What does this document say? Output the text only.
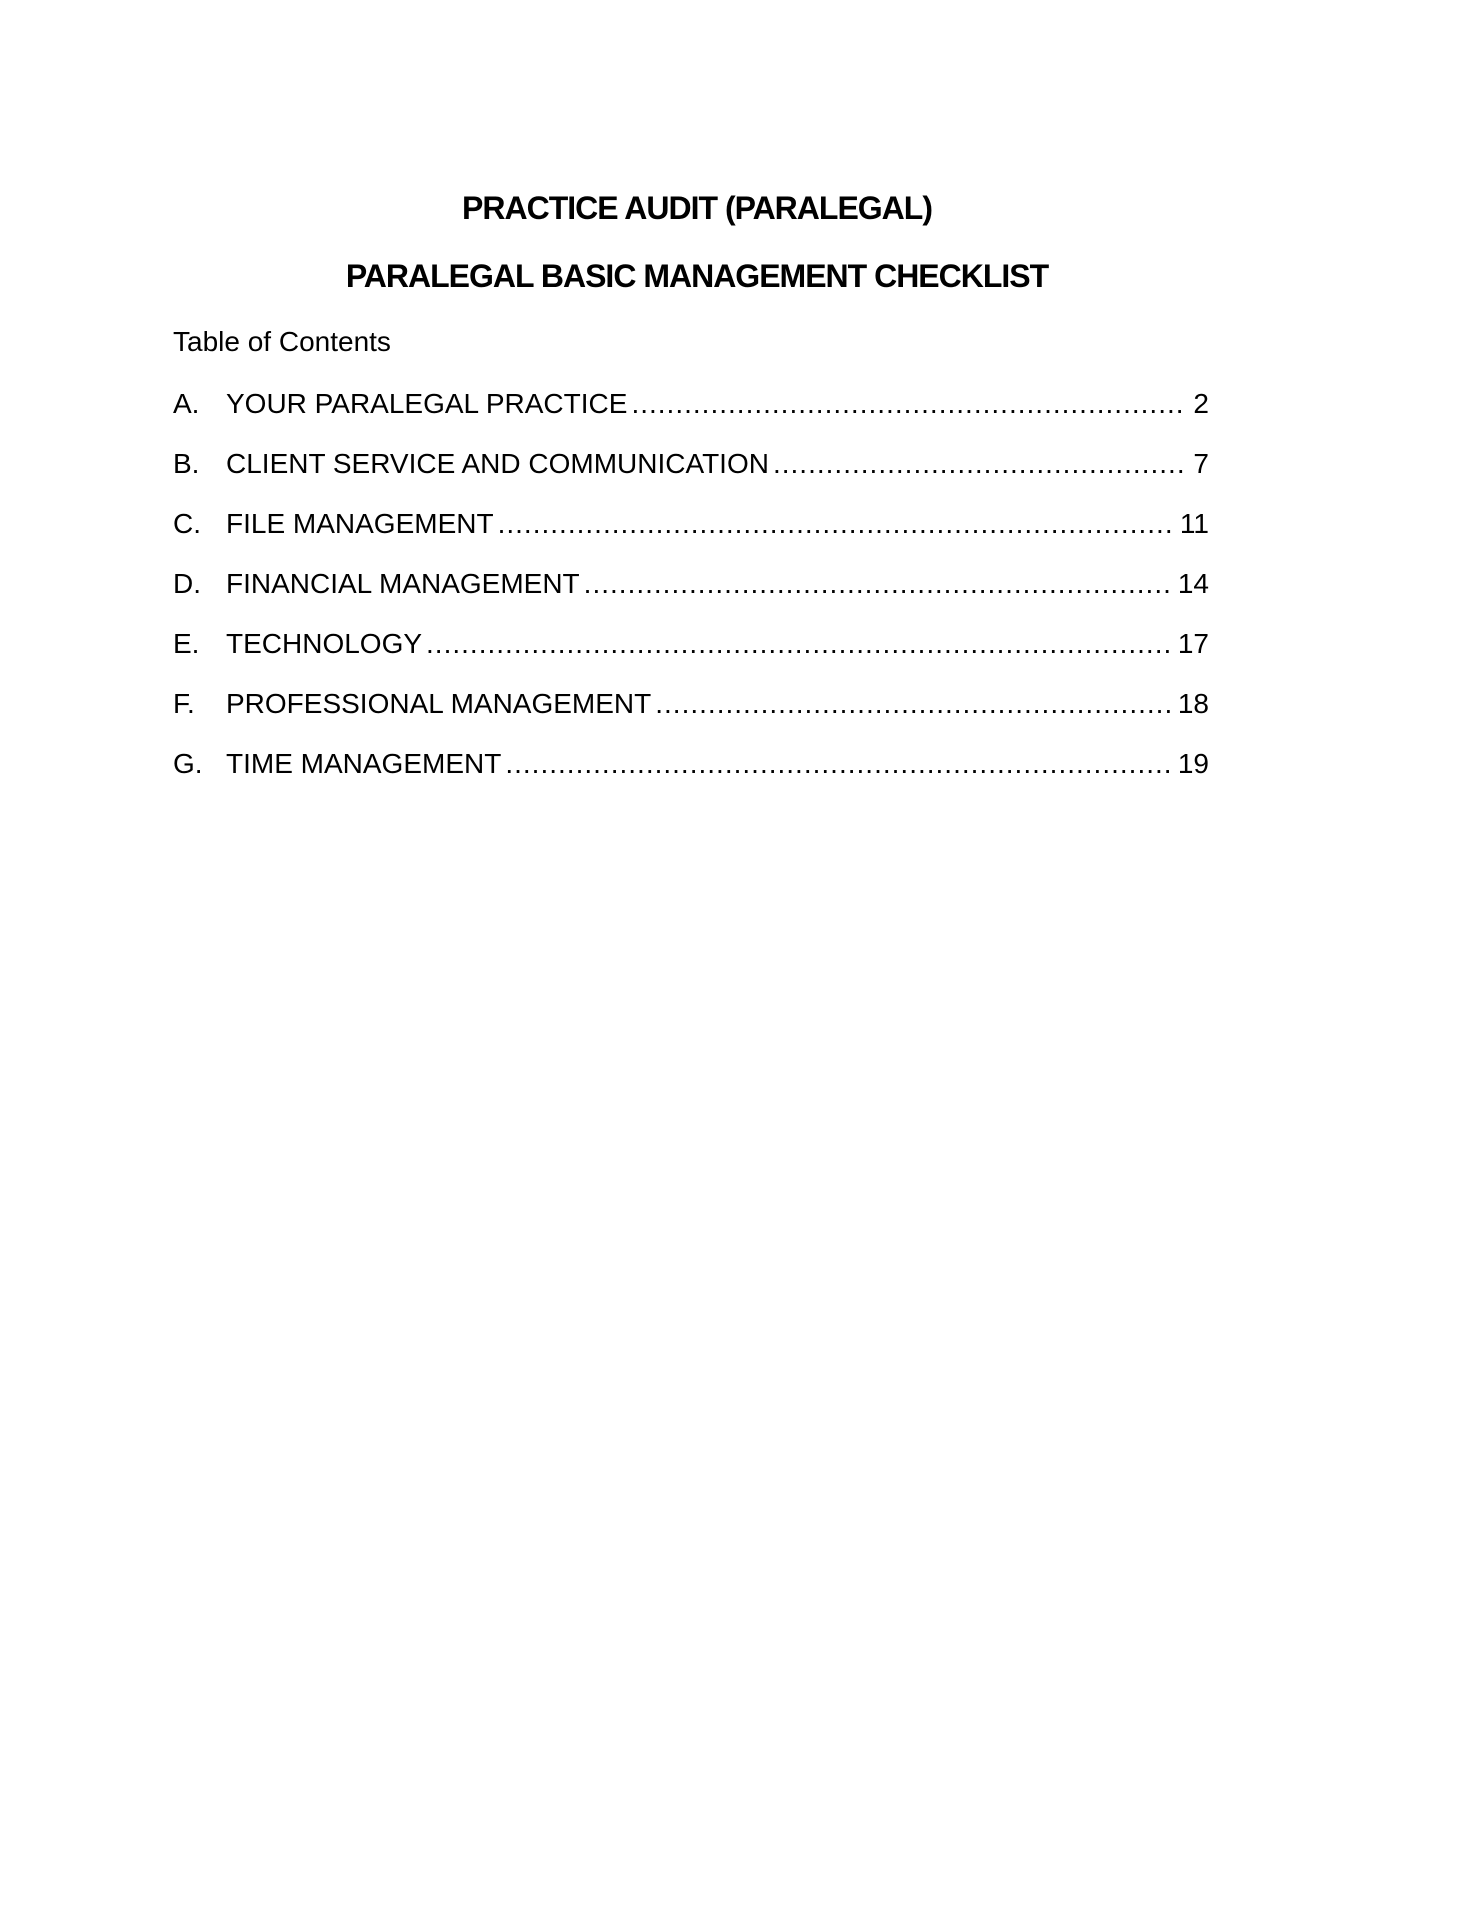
PRACTICE AUDIT (PARALEGAL)
PARALEGAL BASIC MANAGEMENT CHECKLIST
Table of Contents
A. YOUR PARALEGAL PRACTICE .....	2
B. CLIENT SERVICE AND COMMUNICATION .....	7
C. FILE MANAGEMENT .....	11
D. FINANCIAL MANAGEMENT .....	14
E. TECHNOLOGY .....	17
F.	PROFESSIONAL MANAGEMENT .....	18
G. TIME MANAGEMENT .....	19
